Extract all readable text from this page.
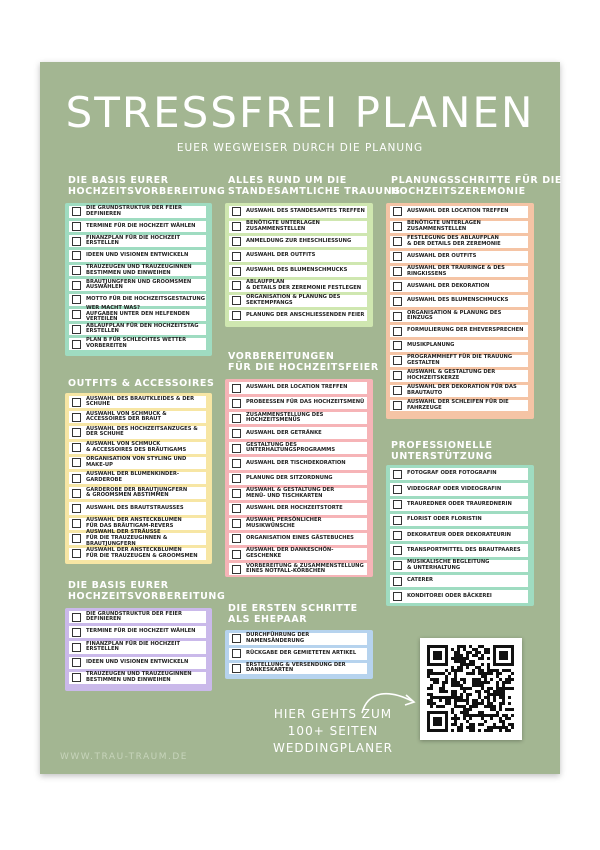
STRESSFREI PLANEN
EUER WEGWEISER DURCH DIE PLANUNG
DIE BASIS EURER
HOCHZEITSVORBEREITUNG
DIE GRUNDSTRUKTUR DER FEIER DEFINIEREN
TERMINE FÜR DIE HOCHZEIT WÄHLEN
FINANZPLAN FÜR DIE HOCHZEIT ERSTELLEN
IDEEN UND VISIONEN ENTWICKELN
TRAUZEUGEN UND TRAUZEUGINNEN
BESTIMMEN UND EINWEIHEN
BRAUTJUNGFERN UND GROOMSMEN AUSWÄHLEN
MOTTO FÜR DIE HOCHZEITSGESTALTUNG
WER MACHT WAS?
AUFGABEN UNTER DEN HELFENDEN VERTEILEN
ABLAUFPLAN FÜR DEN HOCHZEITSTAG ERSTELLEN
PLAN B FÜR SCHLECHTES WETTER VORBEREITEN
OUTFITS & ACCESSOIRES
AUSWAHL DES BRAUTKLEIDES & DER SCHUHE
AUSWAHL VON SCHMUCK & ACCESSOIRES DER BRAUT
AUSWAHL DES HOCHZEITSANZUGES & DER SCHUHE
AUSWAHL VON SCHMUCK
& ACCESSOIRES DES BRÄUTIGAMS
ORGANISATION VON STYLING UND MAKE-UP
AUSWAHL DER BLUMENKINDER-GARDEROBE
GARDEROBE DER BRAUTJUNGFERN
& GROOMSMEN ABSTIMMEN
AUSWAHL DES BRAUTSTRAUSSES
AUSWAHL DER ANSTECKBLUMEN
FÜR DAS BRÄUTIGAM-REVERS
AUSWAHL DER STRÄUSSE
FÜR DIE TRAUZEUGINNEN & BRAUTJUNGFERN
AUSWAHL DER ANSTECKBLUMEN
FÜR DIE TRAUZEUGEN & GROOMSMEN
DIE BASIS EURER
HOCHZEITSVORBEREITUNG
DIE GRUNDSTRUKTUR DER FEIER DEFINIEREN
TERMINE FÜR DIE HOCHZEIT WÄHLEN
FINANZPLAN FÜR DIE HOCHZEIT ERSTELLEN
IDEEN UND VISIONEN ENTWICKELN
TRAUZEUGEN UND TRAUZEUGINNEN
BESTIMMEN UND EINWEIHEN
ALLES RUND UM DIE
STANDESAMTLICHE TRAUUNG
AUSWAHL DES STANDESAMTES TREFFEN
BENÖTIGTE UNTERLAGEN ZUSAMMENSTELLEN
ANMELDUNG ZUR EHESCHLIESSUNG
AUSWAHL DER OUTFITS
AUSWAHL DES BLUMENSCHMUCKS
ABLAUFPLAN
& DETAILS DER ZEREMONIE FESTLEGEN
ORGANISATION & PLANUNG DES SEKTEMPFANGS
PLANUNG DER ANSCHLIESSENDEN FEIER
VORBEREITUNGEN
FÜR DIE HOCHZEITSFEIER
AUSWAHL DER LOCATION TREFFEN
PROBEESSEN FÜR DAS HOCHZEITSMENÜ
ZUSAMMENSTELLUNG DES HOCHZEITSMENÜS
AUSWAHL DER GETRÄNKE
GESTALTUNG DES UNTERHALTUNGSPROGRAMMS
AUSWAHL DER TISCHDEKORATION
PLANUNG DER SITZORDNUNG
AUSWAHL & GESTALTUNG DER
MENÜ- UND TISCHKARTEN
AUSWAHL DER HOCHZEITSTORTE
AUSWAHL PERSÖNLICHER MUSIKWÜNSCHE
ORGANISATION EINES GÄSTEBUCHES
AUSWAHL DER DANKESCHÖN-GESCHENKE
VORBEREITUNG & ZUSAMMENSTELLUNG
EINES NOTFALL-KÖRBCHEN
DIE ERSTEN SCHRITTE
ALS EHEPAAR
DURCHFÜHRUNG DER NAMENSÄNDERUNG
RÜCKGABE DER GEMIETETEN ARTIKEL
ERSTELLUNG & VERSENDUNG DER DANKESKARTEN
PLANUNGSSCHRITTE FÜR DIE
HOCHZEITSZEREMONIE
AUSWAHL DER LOCATION TREFFEN
BENÖTIGTE UNTERLAGEN ZUSAMMENSTELLEN
FESTLEGUNG DES ABLAUFPLAN
& DER DETAILS DER ZEREMONIE
AUSWAHL DER OUTFITS
AUSWAHL DER TRAURINGE & DES RINGKISSENS
AUSWAHL DER DEKORATION
AUSWAHL DES BLUMENSCHMUCKS
ORGANISATION & PLANUNG DES EINZUGS
FORMULIERUNG DER EHEVERSPRECHEN
MUSIKPLANUNG
PROGRAMMHEFT FÜR DIE TRAUUNG GESTALTEN
AUSWAHL & GESTALTUNG DER HOCHZEITSKERZE
AUSWAHL DER DEKORATION FÜR DAS BRAUTAUTO
AUSWAHL DER SCHLEIFEN FÜR DIE FAHRZEUGE
PROFESSIONELLE
UNTERSTÜTZUNG
FOTOGRAF ODER FOTOGRAFIN
VIDEOGRAF ODER VIDEOGRAFIN
TRAUREDNER ODER TRAUREDNERIN
FLORIST ODER FLORISTIN
DEKORATEUR ODER DEKORATEURIN
TRANSPORTMITTEL DES BRAUTPAARES
MUSIKALISCHE BEGLEITUNG
& UNTERHALTUNG
CATERER
KONDITOREI ODER BÄCKEREI
HIER GEHTS ZUM
100+ SEITEN WEDDINGPLANER
WWW.TRAU-TRAUM.DE
